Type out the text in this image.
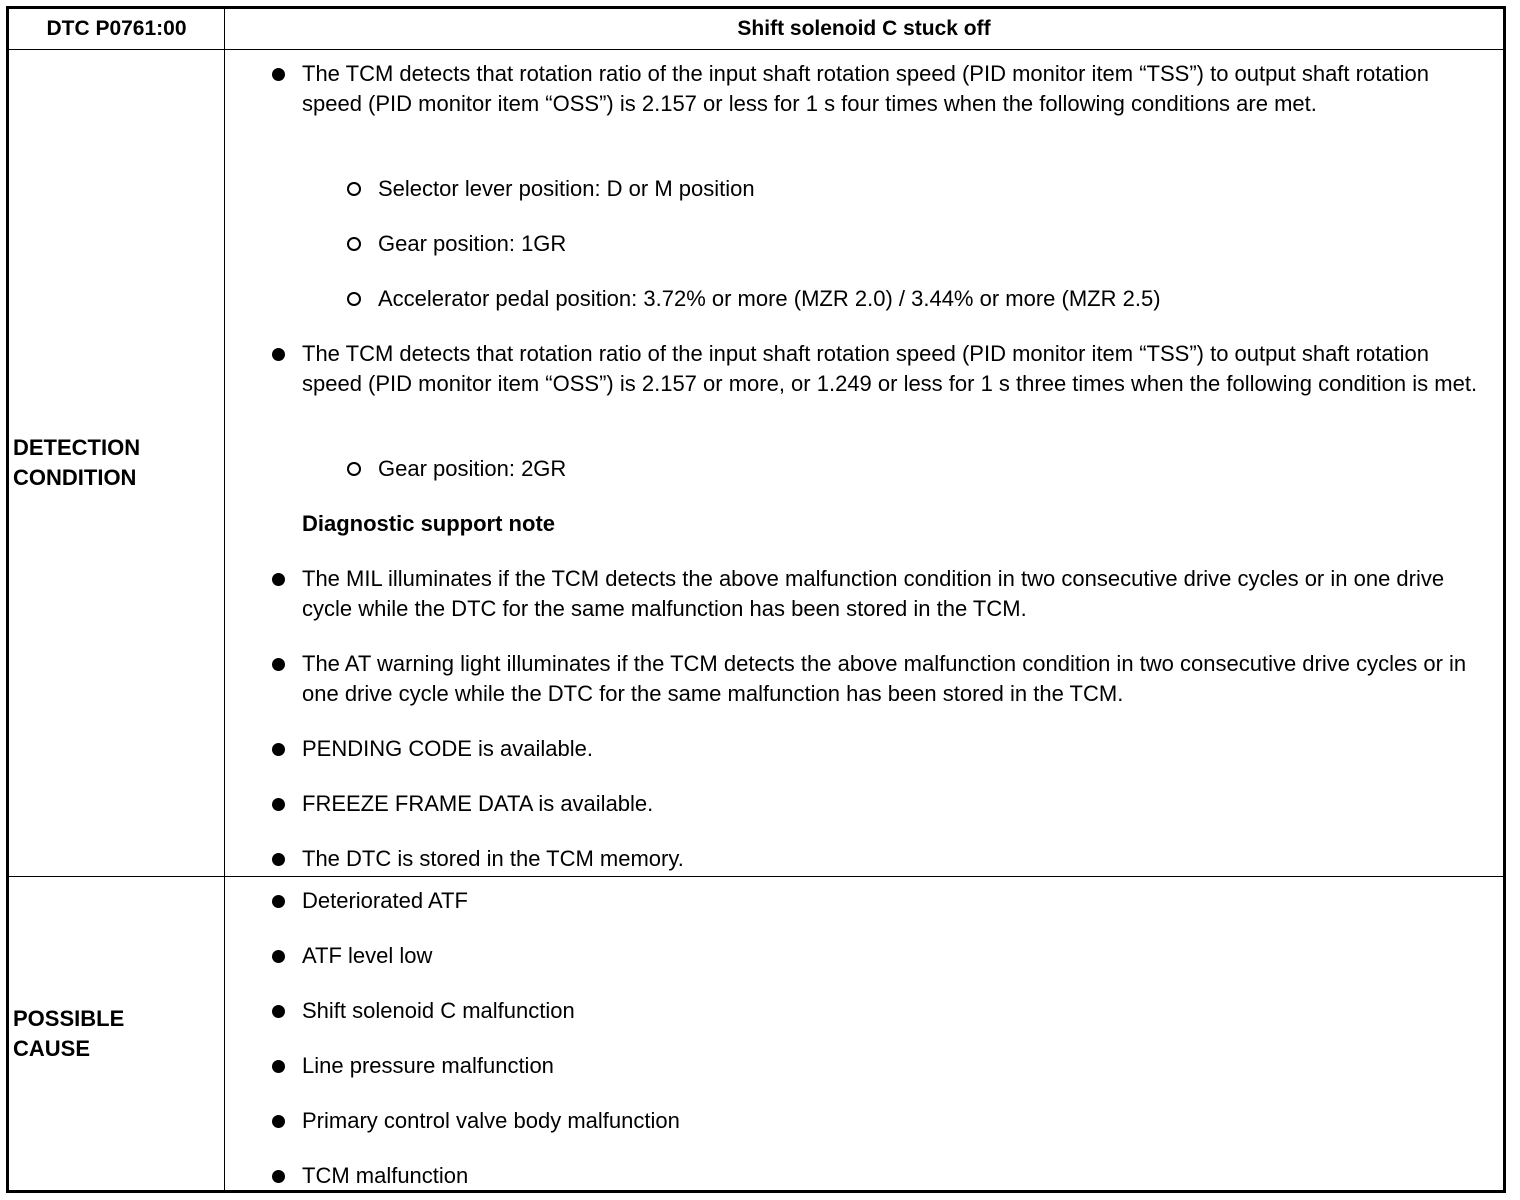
DTC P0761:00	Shift solenoid C stuck off
DETECTION
CONDITION
POSSIBLE
CAUSE
The TCM detects that rotation ratio of the input shaft rotation speed (PID monitor item “TSS”) to output shaft rotation speed (PID monitor item “OSS”) is 2.157 or less for 1 s four times when the following conditions are met.
Selector lever position: D or M position
Gear position: 1GR
Accelerator pedal position: 3.72% or more (MZR 2.0) / 3.44% or more (MZR 2.5)
The TCM detects that rotation ratio of the input shaft rotation speed (PID monitor item “TSS”) to output shaft rotation speed (PID monitor item “OSS”) is 2.157 or more, or 1.249 or less for 1 s three times when the following condition is met.
Gear position: 2GR
Diagnostic support note
The MIL illuminates if the TCM detects the above malfunction condition in two consecutive drive cycles or in one drive cycle while the DTC for the same malfunction has been stored in the TCM.
The AT warning light illuminates if the TCM detects the above malfunction condition in two consecutive drive cycles or in one drive cycle while the DTC for the same malfunction has been stored in the TCM.
PENDING CODE is available.
FREEZE FRAME DATA is available.
The DTC is stored in the TCM memory.
Deteriorated ATF
ATF level low
Shift solenoid C malfunction
Line pressure malfunction
Primary control valve body malfunction
TCM malfunction
